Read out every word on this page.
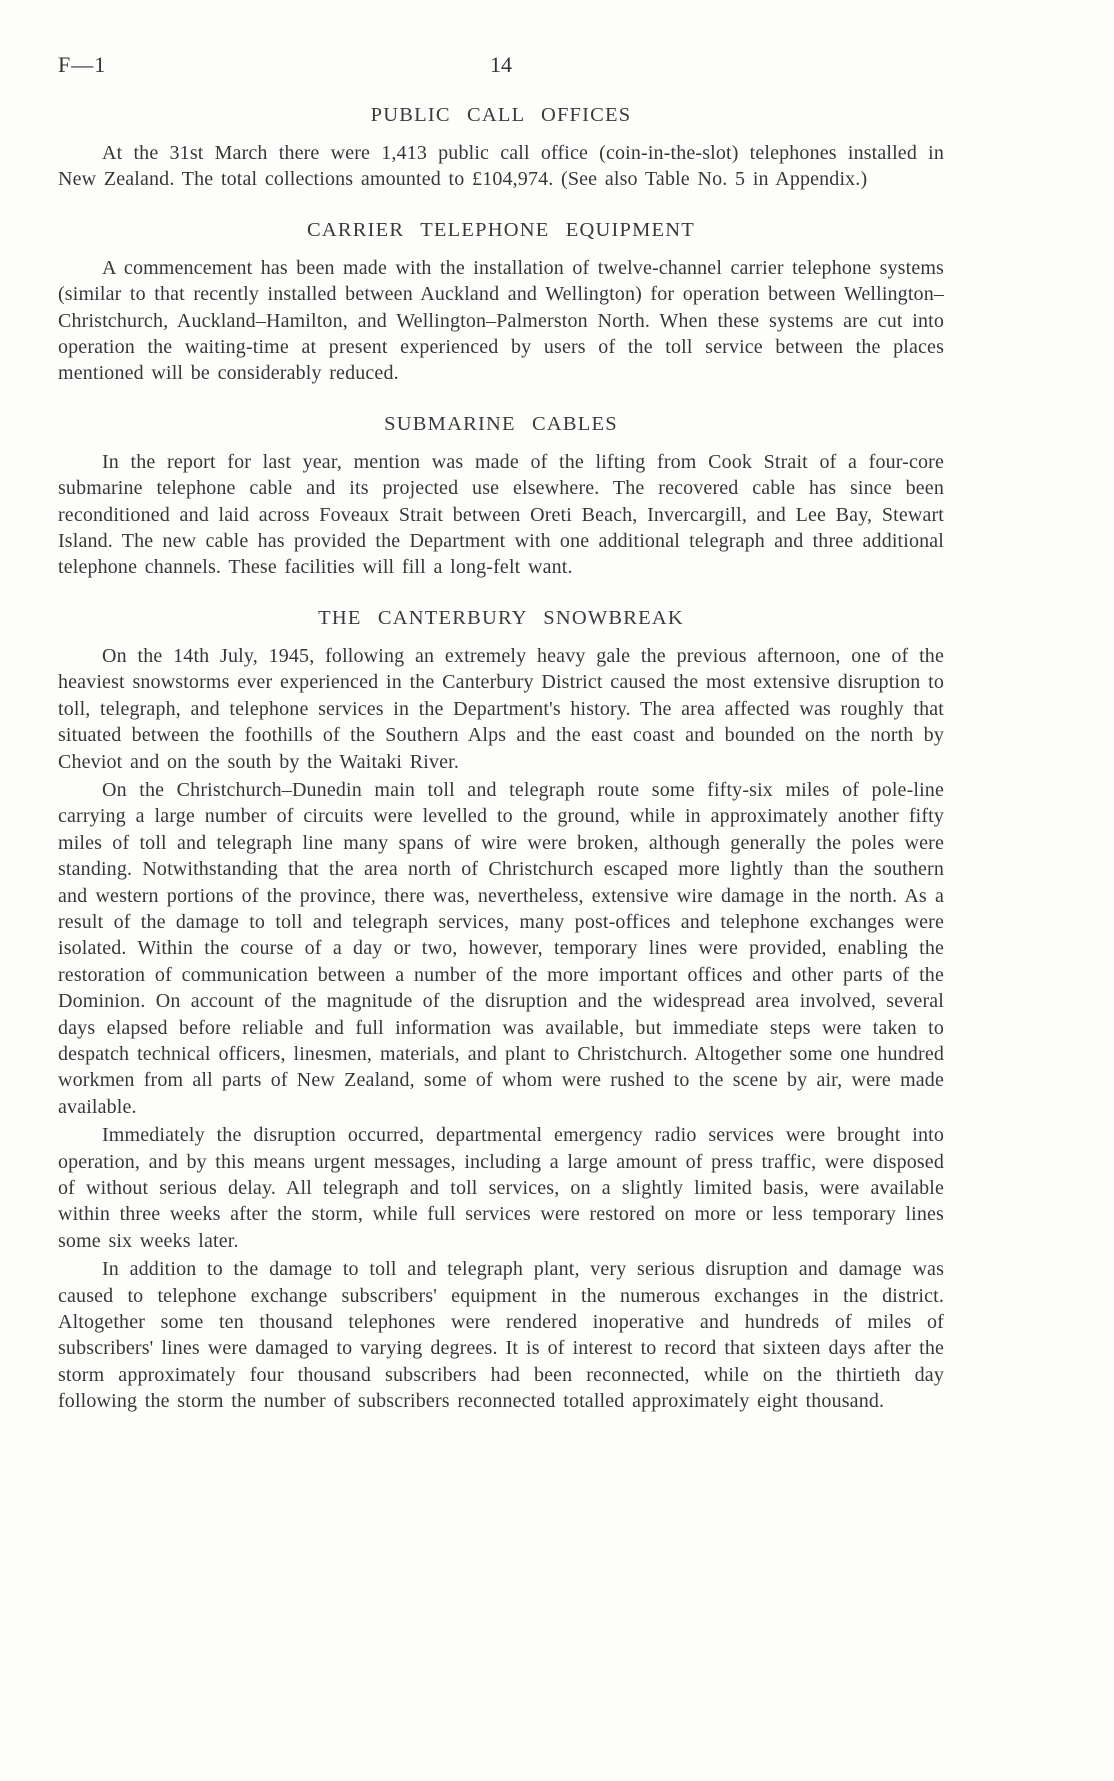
F—1	14
PUBLIC CALL OFFICES

At the 31st March there were 1,413 public call office (coin-in-the-slot) telephones installed in New Zealand. The total collections amounted to £104,974. (See also Table No. 5 in Appendix.)

CARRIER TELEPHONE EQUIPMENT

A commencement has been made with the installation of twelve-channel carrier telephone systems (similar to that recently installed between Auckland and Wellington) for operation between Wellington–Christchurch, Auckland–Hamilton, and Wellington–Palmerston North. When these systems are cut into operation the waiting-time at present experienced by users of the toll service between the places mentioned will be considerably reduced.

SUBMARINE CABLES

In the report for last year, mention was made of the lifting from Cook Strait of a four-core submarine telephone cable and its projected use elsewhere. The recovered cable has since been reconditioned and laid across Foveaux Strait between Oreti Beach, Invercargill, and Lee Bay, Stewart Island. The new cable has provided the Department with one additional telegraph and three additional telephone channels. These facilities will fill a long-felt want.

THE CANTERBURY SNOWBREAK

On the 14th July, 1945, following an extremely heavy gale the previous afternoon, one of the heaviest snowstorms ever experienced in the Canterbury District caused the most extensive disruption to toll, telegraph, and telephone services in the Department's history. The area affected was roughly that situated between the foothills of the Southern Alps and the east coast and bounded on the north by Cheviot and on the south by the Waitaki River.

On the Christchurch–Dunedin main toll and telegraph route some fifty-six miles of pole-line carrying a large number of circuits were levelled to the ground, while in approximately another fifty miles of toll and telegraph line many spans of wire were broken, although generally the poles were standing. Notwithstanding that the area north of Christchurch escaped more lightly than the southern and western portions of the province, there was, nevertheless, extensive wire damage in the north. As a result of the damage to toll and telegraph services, many post-offices and telephone exchanges were isolated. Within the course of a day or two, however, temporary lines were provided, enabling the restoration of communication between a number of the more important offices and other parts of the Dominion. On account of the magnitude of the disruption and the widespread area involved, several days elapsed before reliable and full information was available, but immediate steps were taken to despatch technical officers, linesmen, materials, and plant to Christchurch. Altogether some one hundred workmen from all parts of New Zealand, some of whom were rushed to the scene by air, were made available.

Immediately the disruption occurred, departmental emergency radio services were brought into operation, and by this means urgent messages, including a large amount of press traffic, were disposed of without serious delay. All telegraph and toll services, on a slightly limited basis, were available within three weeks after the storm, while full services were restored on more or less temporary lines some six weeks later.

In addition to the damage to toll and telegraph plant, very serious disruption and damage was caused to telephone exchange subscribers' equipment in the numerous exchanges in the district. Altogether some ten thousand telephones were rendered inoperative and hundreds of miles of subscribers' lines were damaged to varying degrees. It is of interest to record that sixteen days after the storm approximately four thousand subscribers had been reconnected, while on the thirtieth day following the storm the number of subscribers reconnected totalled approximately eight thousand.
